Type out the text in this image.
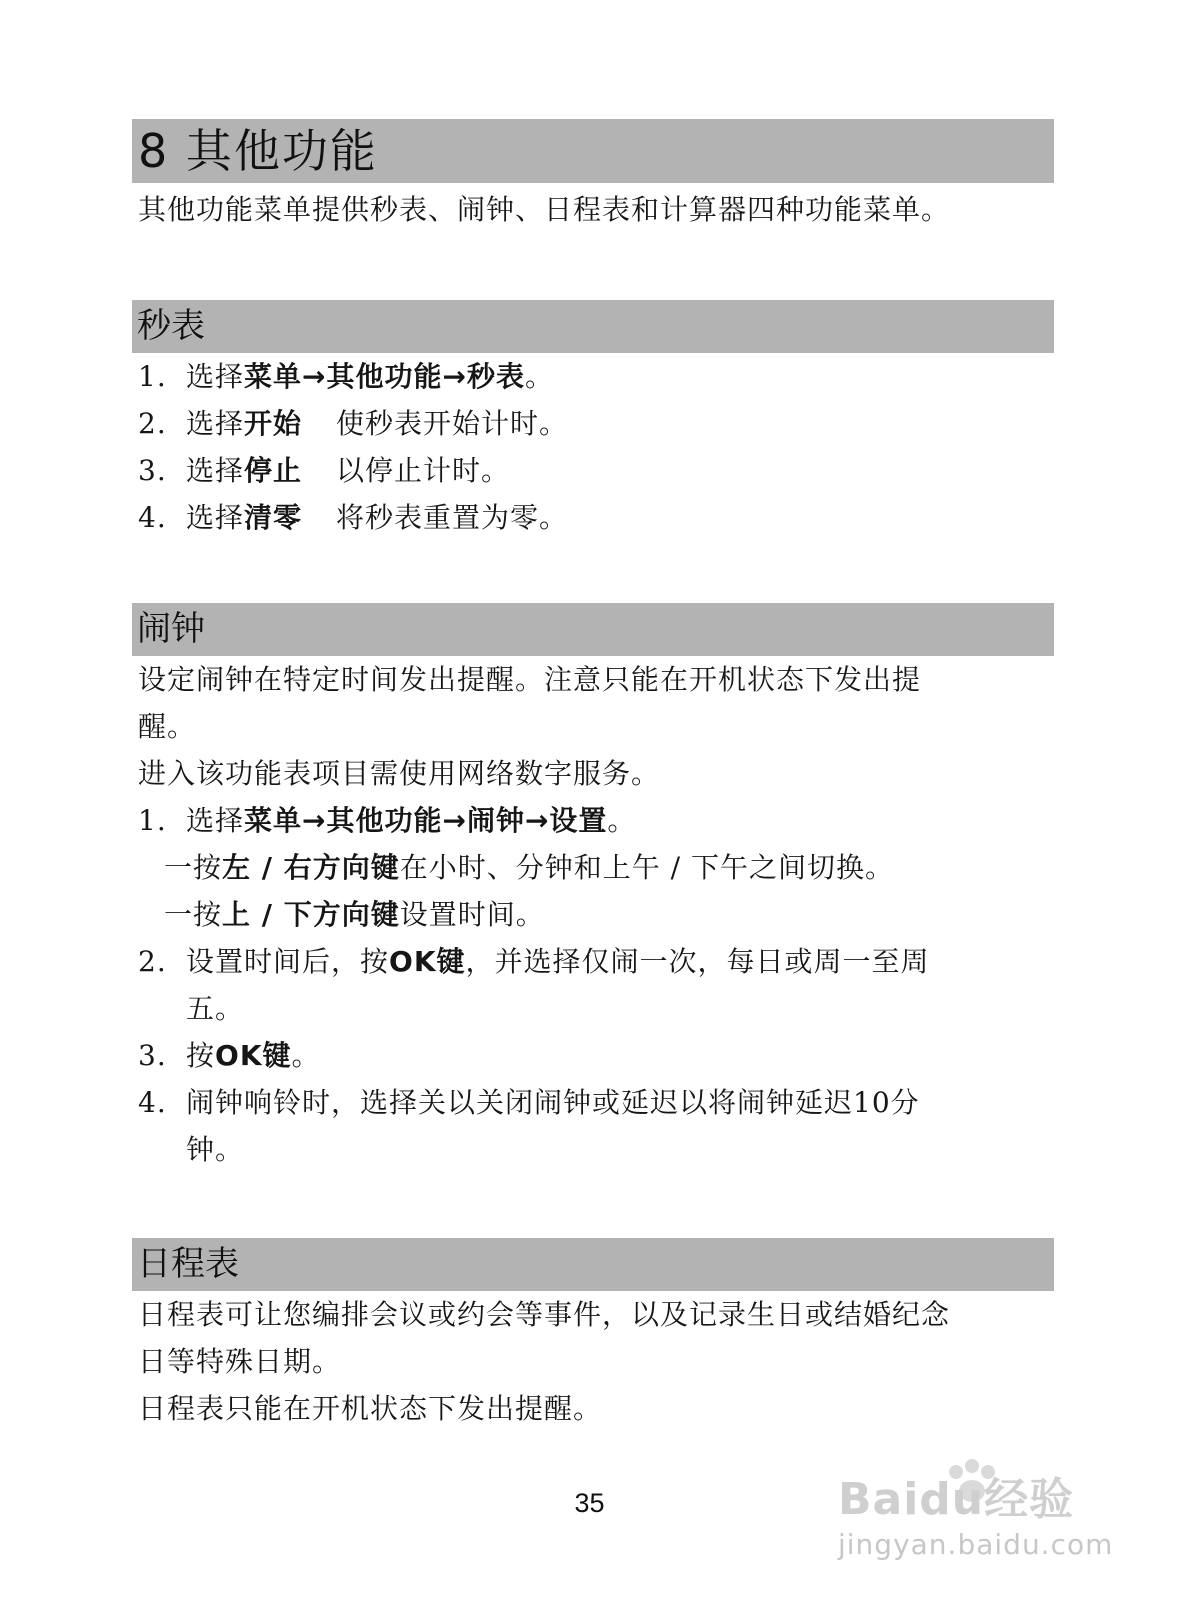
8 其他功能
其他功能菜单提供秒表、闹钟、日程表和计算器四种功能菜单。
秒表
1. 选择菜单→其他功能→秒表。
2. 选择开始 使秒表开始计时。
3. 选择停止 以停止计时。
4. 选择清零 将秒表重置为零。
闹钟
设定闹钟在特定时间发出提醒。注意只能在开机状态下发出提
醒。
进入该功能表项目需使用网络数字服务。
1. 选择菜单→其他功能→闹钟→设置。
一按左 / 右方向键在小时、分钟和上午 / 下午之间切换。
一按上 / 下方向键设置时间。
2. 设置时间后，按OK键，并选择仅闹一次，每日或周一至周
五。
3. 按OK键。
4. 闹钟响铃时，选择关以关闭闹钟或延迟以将闹钟延迟10分
钟。
日程表
日程表可让您编排会议或约会等事件，以及记录生日或结婚纪念
日等特殊日期。
日程表只能在开机状态下发出提醒。
35	Baidu经验
jingyan.baidu.com
